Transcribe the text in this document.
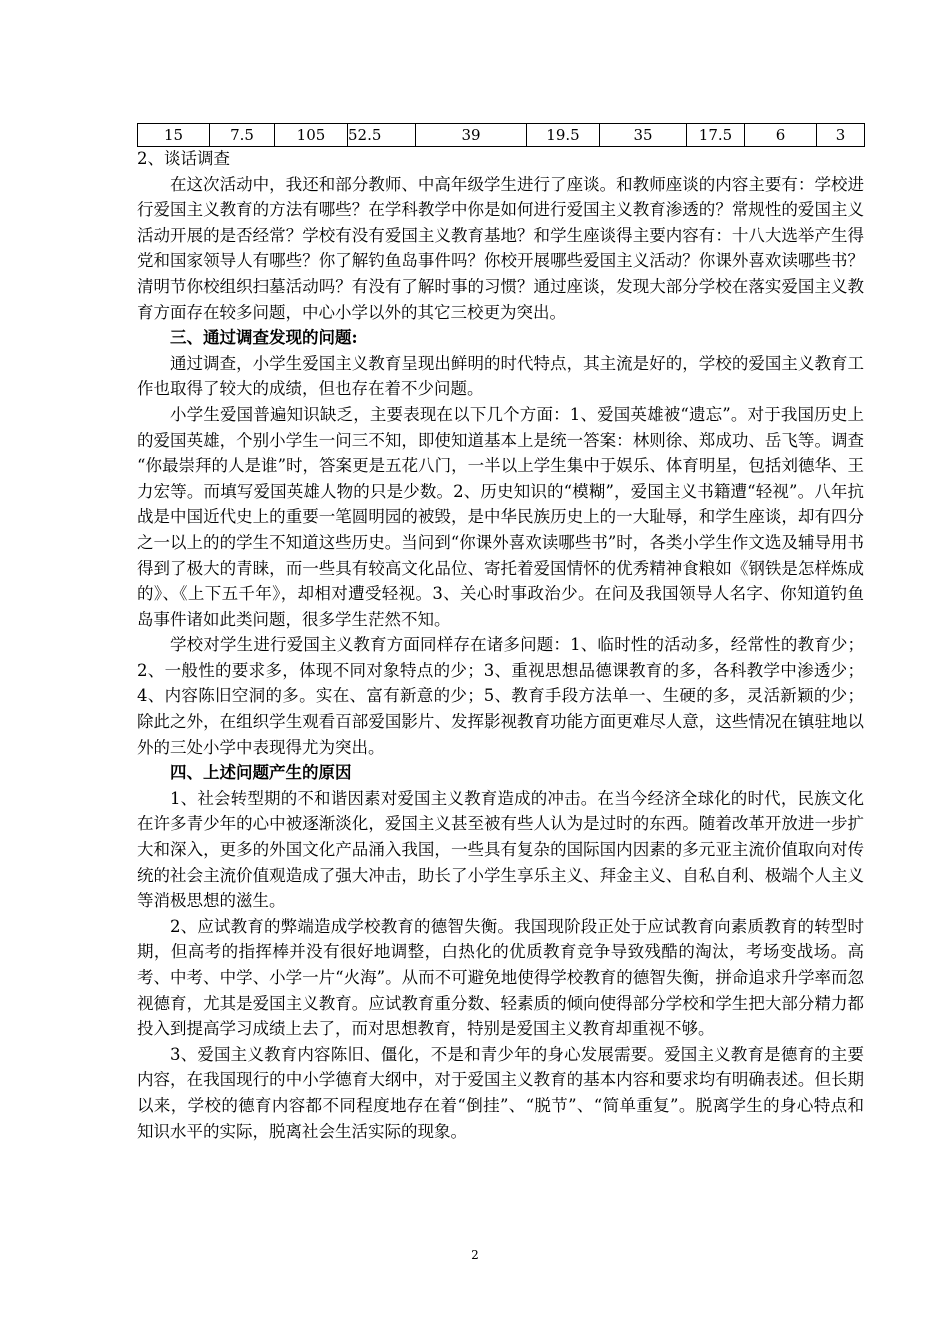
15	7.5	105	52.5	39	19.5	35	17.5	6	3

2、谈话调查

在这次活动中，我还和部分教师、中高年级学生进行了座谈。和教师座谈的内容主要有：学校进行爱国主义教育的方法有哪些？在学科教学中你是如何进行爱国主义教育渗透的？常规性的爱国主义活动开展的是否经常？学校有没有爱国主义教育基地？和学生座谈得主要内容有：十八大选举产生得党和国家领导人有哪些？你了解钓鱼岛事件吗？你校开展哪些爱国主义活动？你课外喜欢读哪些书？清明节你校组织扫墓活动吗？有没有了解时事的习惯？通过座谈，发现大部分学校在落实爱国主义教育方面存在较多问题，中心小学以外的其它三校更为突出。

三、通过调查发现的问题:

通过调查，小学生爱国主义教育呈现出鲜明的时代特点，其主流是好的，学校的爱国主义教育工作也取得了较大的成绩，但也存在着不少问题。

小学生爱国普遍知识缺乏，主要表现在以下几个方面：1、爱国英雄被“遗忘”。对于我国历史上的爱国英雄，个别小学生一问三不知，即使知道基本上是统一答案：林则徐、郑成功、岳飞等。调查 “你最崇拜的人是谁”时，答案更是五花八门，一半以上学生集中于娱乐、体育明星，包括刘德华、王力宏等。而填写爱国英雄人物的只是少数。2、历史知识的“模糊”，爱国主义书籍遭“轻视”。八年抗战是中国近代史上的重要一笔圆明园的被毁，是中华民族历史上的一大耻辱，和学生座谈，却有四分之一以上的的学生不知道这些历史。当问到“你课外喜欢读哪些书”时，各类小学生作文选及辅导用书得到了极大的青睐，而一些具有较高文化品位、寄托着爱国情怀的优秀精神食粮如《钢铁是怎样炼成的》、《上下五千年》，却相对遭受轻视。3、关心时事政治少。在问及我国领导人名字、你知道钓鱼岛事件诸如此类问题，很多学生茫然不知。

学校对学生进行爱国主义教育方面同样存在诸多问题：1、临时性的活动多，经常性的教育少；2、一般性的要求多，体现不同对象特点的少；3、重视思想品德课教育的多，各科教学中渗透少；4、内容陈旧空洞的多。实在、富有新意的少；5、教育手段方法单一、生硬的多，灵活新颖的少；除此之外，在组织学生观看百部爱国影片、发挥影视教育功能方面更难尽人意，这些情况在镇驻地以外的三处小学中表现得尤为突出。

四、上述问题产生的原因

1、社会转型期的不和谐因素对爱国主义教育造成的冲击。在当今经济全球化的时代，民族文化在许多青少年的心中被逐渐淡化，爱国主义甚至被有些人认为是过时的东西。随着改革开放进一步扩大和深入，更多的外国文化产品涌入我国，一些具有复杂的国际国内因素的多元亚主流价值取向对传统的社会主流价值观造成了强大冲击，助长了小学生享乐主义、拜金主义、自私自利、极端个人主义等消极思想的滋生。

2、应试教育的弊端造成学校教育的德智失衡。我国现阶段正处于应试教育向素质教育的转型时期，但高考的指挥棒并没有很好地调整，白热化的优质教育竞争导致残酷的淘汰，考场变战场。高考、中考、中学、小学一片“火海”。从而不可避免地使得学校教育的德智失衡，拼命追求升学率而忽视德育，尤其是爱国主义教育。应试教育重分数、轻素质的倾向使得部分学校和学生把大部分精力都投入到提高学习成绩上去了，而对思想教育，特别是爱国主义教育却重视不够。

3、爱国主义教育内容陈旧、僵化，不是和青少年的身心发展需要。爱国主义教育是德育的主要内容，在我国现行的中小学德育大纲中，对于爱国主义教育的基本内容和要求均有明确表述。但长期以来，学校的德育内容都不同程度地存在着“倒挂”、“脱节”、“简单重复”。脱离学生的身心特点和知识水平的实际，脱离社会生活实际的现象。

2
